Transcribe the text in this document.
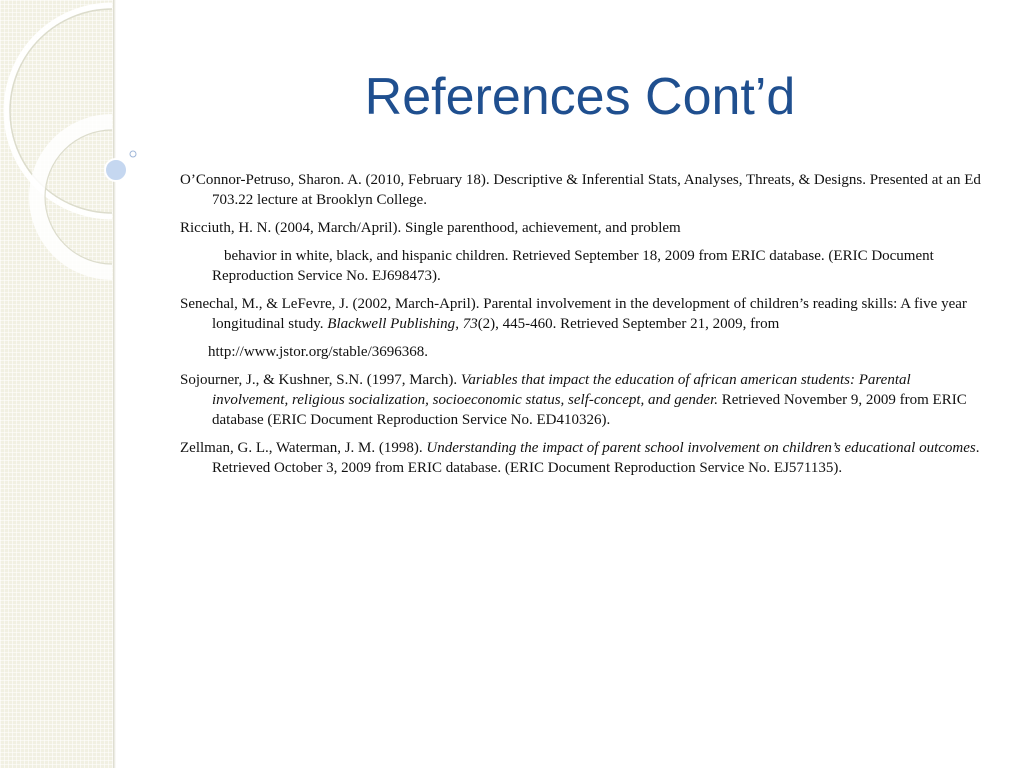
References Cont’d

O’Connor-Petruso, Sharon. A. (2010, February 18). Descriptive & Inferential Stats, Analyses, Threats, & Designs. Presented at an Ed 703.22 lecture at Brooklyn College.

Ricciuth, H. N. (2004, March/April). Single parenthood, achievement, and problem

behavior in white, black, and hispanic children. Retrieved September 18, 2009 from ERIC database. (ERIC Document Reproduction Service No. EJ698473).

Senechal, M., & LeFevre, J. (2002, March-April). Parental involvement in the development of children’s reading skills: A five year longitudinal study. Blackwell Publishing, 73(2), 445-460. Retrieved September 21, 2009, from

http://www.jstor.org/stable/3696368.

Sojourner, J., & Kushner, S.N. (1997, March). Variables that impact the education of african american students: Parental involvement, religious socialization, socioeconomic status, self-concept, and gender. Retrieved November 9, 2009 from ERIC database (ERIC Document Reproduction Service No. ED410326).

Zellman, G. L., Waterman, J. M. (1998). Understanding the impact of parent school involvement on children’s educational outcomes. Retrieved October 3, 2009 from ERIC database. (ERIC Document Reproduction Service No. EJ571135).
